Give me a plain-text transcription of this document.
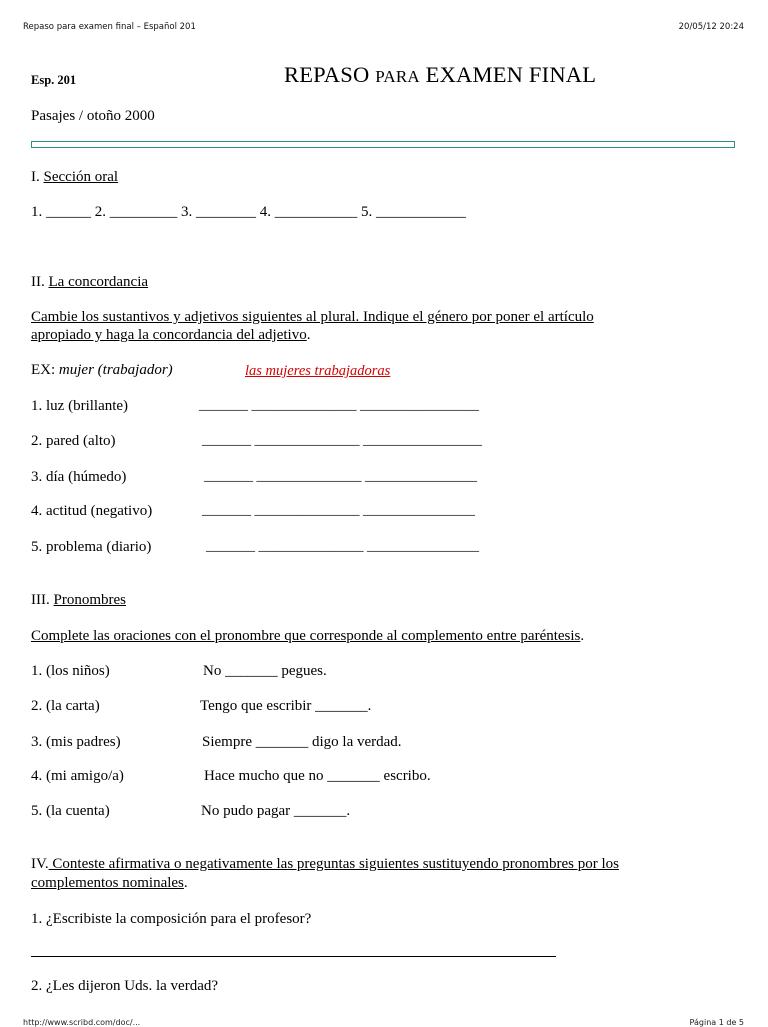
Repaso para examen final – Español 201	20/05/12 20:24
Esp. 201	REPASO PARA EXAMEN FINAL
Pasajes / otoño 2000
I. Sección oral
1. ______ 2. _________ 3. ________ 4. ___________ 5. ____________
II. La concordancia
Cambie los sustantivos y adjetivos siguientes al plural. Indique el género por poner el artículo
apropiado y haga la concordancia del adjetivo.
EX: mujer (trabajador)	las mujeres trabajadoras
1. luz (brillante)	_______ _______________ _________________
2. pared (alto)	_______ _______________ _________________
3. día (húmedo)	_______ _______________ ________________
4. actitud (negativo)	_______ _______________ ________________
5. problema (diario)	_______ _______________ ________________
III. Pronombres
Complete las oraciones con el pronombre que corresponde al complemento entre paréntesis.
1. (los niños)	No _______ pegues.
2. (la carta)	Tengo que escribir _______.
3. (mis padres)	Siempre _______ digo la verdad.
4. (mi amigo/a)	Hace mucho que no _______ escribo.
5. (la cuenta)	No pudo pagar _______.
IV. Conteste afirmativa o negativamente las preguntas siguientes sustituyendo pronombres por los
complementos nominales.
1. ¿Escribiste la composición para el profesor?
2. ¿Les dijeron Uds. la verdad?
http://www.scribd.com/doc/...	Página 1 de 5
